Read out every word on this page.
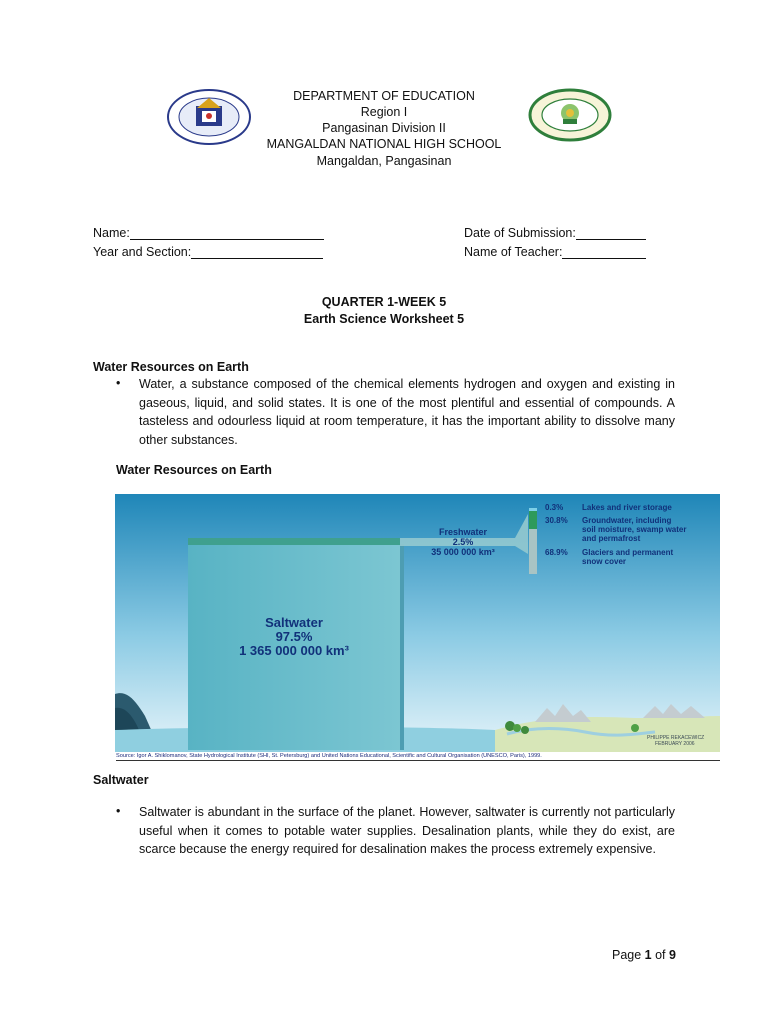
DEPARTMENT OF EDUCATION
Region I
Pangasinan Division II
MANGALDAN NATIONAL HIGH SCHOOL
Mangaldan, Pangasinan
Name:
Year and Section:
Date of Submission:
Name of Teacher:
QUARTER 1-WEEK 5
Earth Science Worksheet 5
Water Resources on Earth
• Water, a substance composed of the chemical elements hydrogen and oxygen and existing in gaseous, liquid, and solid states. It is one of the most plentiful and essential of compounds. A tasteless and odourless liquid at room temperature, it has the important ability to dissolve many other substances.
Water Resources on Earth
Saltwater
97.5%
1 365 000 000 km³
Freshwater
2.5%
35 000 000 km³
0.3% Lakes and river storage
30.8% Groundwater, including
soil moisture, swamp water
and permafrost
68.9% Glaciers and permanent
snow cover
PHILIPPE REKACEWICZ
FEBRUARY 2006
Source: Igor A. Shiklomanov, State Hydrological Institute (SHI, St. Petersburg) and United Nations Educational, Scientific and Cultural Organisation (UNESCO, Paris), 1999.
Saltwater
• Saltwater is abundant in the surface of the planet. However, saltwater is currently not particularly useful when it comes to potable water supplies. Desalination plants, while they do exist, are scarce because the energy required for desalination makes the process extremely expensive.
Page 1 of 9
